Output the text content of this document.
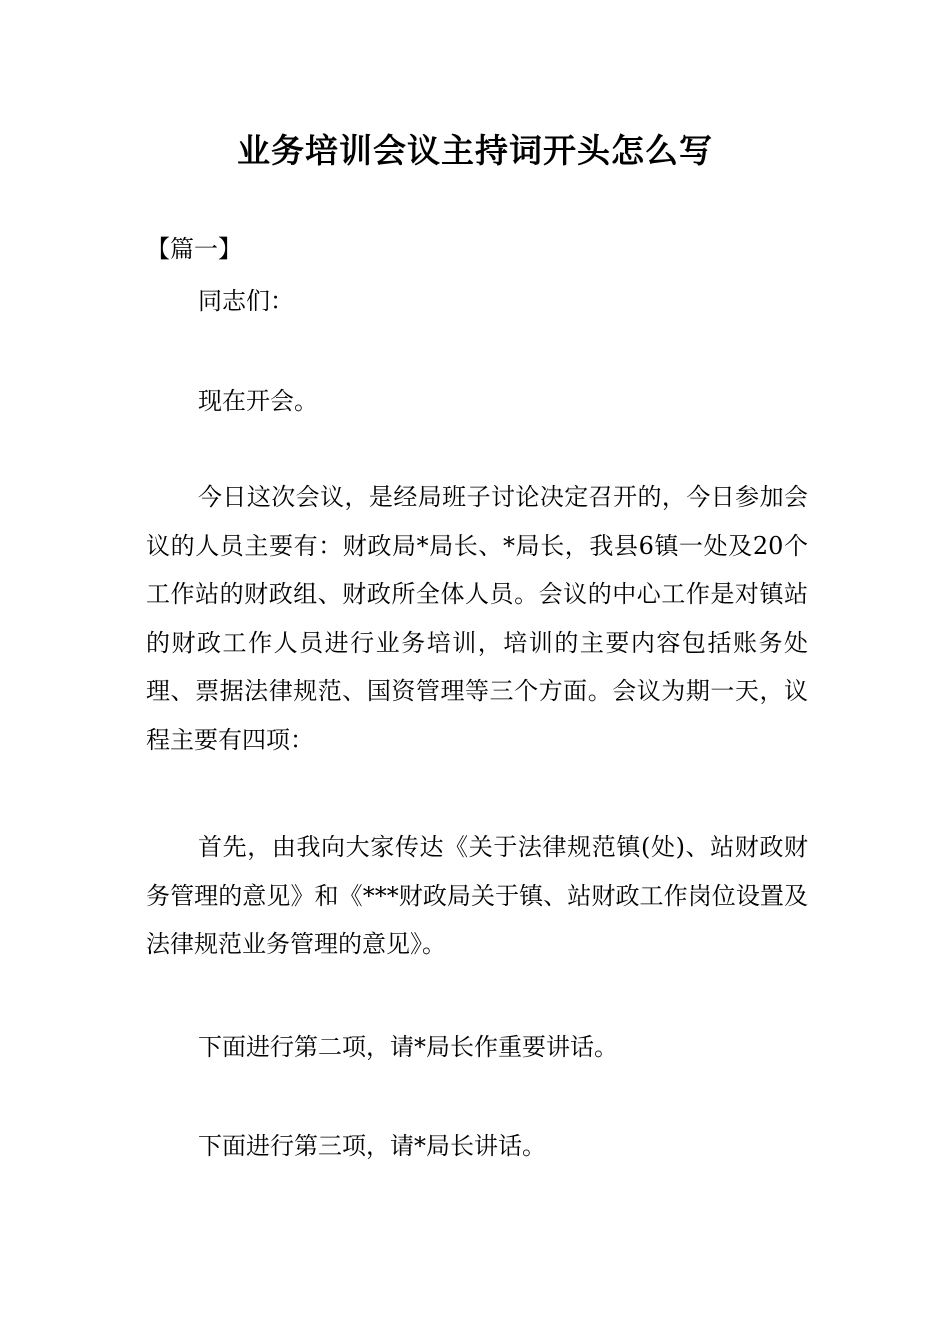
业务培训会议主持词开头怎么写
【篇一】

同志们：

现在开会。

今日这次会议，是经局班子讨论决定召开的，今日参加会议的人员主要有：财政局*局长、*局长，我县6镇一处及20个工作站的财政组、财政所全体人员。会议的中心工作是对镇站的财政工作人员进行业务培训，培训的主要内容包括账务处理、票据法律规范、国资管理等三个方面。会议为期一天，议程主要有四项：

首先，由我向大家传达《关于法律规范镇(处)、站财政财务管理的意见》和《***财政局关于镇、站财政工作岗位设置及法律规范业务管理的意见》。

下面进行第二项，请*局长作重要讲话。

下面进行第三项，请*局长讲话。
